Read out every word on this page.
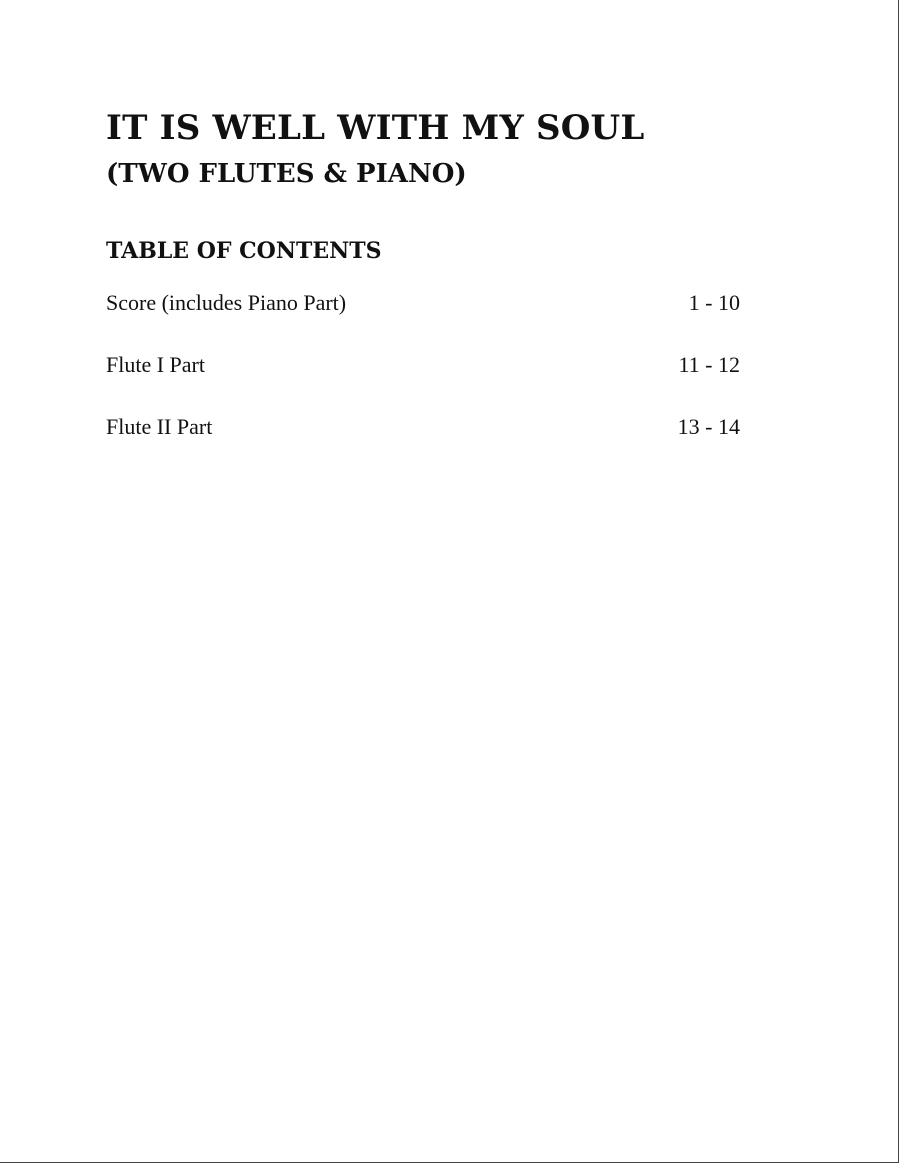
IT IS WELL WITH MY SOUL
(TWO FLUTES & PIANO)
TABLE OF CONTENTS
Score (includes Piano Part)	1 - 10
Flute I Part	11 - 12
Flute II Part	13 - 14
